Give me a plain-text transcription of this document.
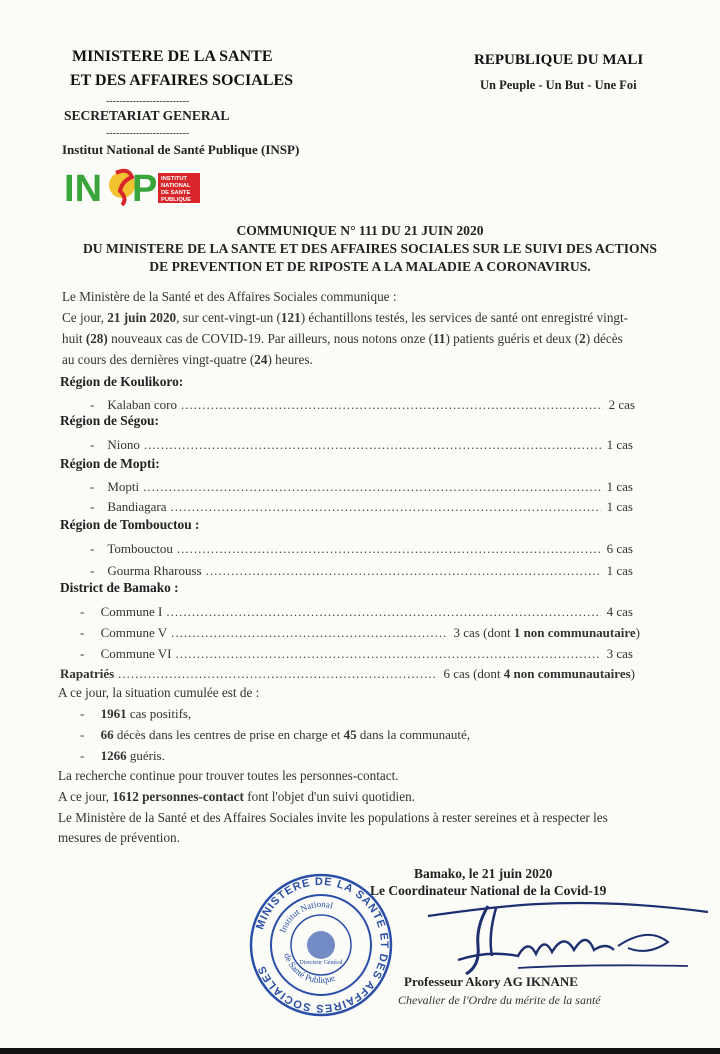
MINISTERE DE LA SANTE
ET DES AFFAIRES SOCIALES
-------------------------
SECRETARIAT GENERAL
-------------------------
Institut National de Santé Publique (INSP)
REPUBLIQUE DU MALI
Un Peuple - Un But - Une Foi
IN P INSTITUT
NATIONAL
DE SANTE
PUBLIQUE
COMMUNIQUE N° 111 DU 21 JUIN 2020
DU MINISTERE DE LA SANTE ET DES AFFAIRES SOCIALES SUR LE SUIVI DES ACTIONS
DE PREVENTION ET DE RIPOSTE A LA MALADIE A CORONAVIRUS.
Le Ministère de la Santé et des Affaires Sociales communique :
Ce jour, 21 juin 2020, sur cent-vingt-un (121) échantillons testés, les services de santé ont enregistré vingt-
huit (28) nouveaux cas de COVID-19. Par ailleurs, nous notons onze (11) patients guéris et deux (2) décès
au cours des dernières vingt-quatre (24) heures.
Région de Koulikoro:
-    Kalaban coro .....	2 cas
Région de Ségou:
-    Niono .....	1 cas
Région de Mopti:
-    Mopti .....	1 cas
-    Bandiagara .....	1 cas
Région de Tombouctou :
-    Tombouctou .....	6 cas
-    Gourma Rharouss .....	1 cas
District de Bamako :
-     Commune I .....	4 cas
-     Commune V .....	3 cas (dont 1 non communautaire)
-     Commune VI .....	3 cas
Rapatriés .....	6 cas (dont 4 non communautaires)
A ce jour, la situation cumulée est de :
-     1961 cas positifs,
-     66 décès dans les centres de prise en charge et 45 dans la communauté,
-     1266 guéris.
La recherche continue pour trouver toutes les personnes-contact.
A ce jour, 1612 personnes-contact font l'objet d'un suivi quotidien.
Le Ministère de la Santé et des Affaires Sociales invite les populations à rester sereines et à respecter les
mesures de prévention.
Bamako, le 21 juin 2020
Le Coordinateur National de la Covid-19
Professeur Akory AG IKNANE
Chevalier de l'Ordre du mérite de la santé
MINISTERE DE LA SANTE ET DES AFFAIRES SOCIALES
Institut National
de Santé Publique
Directeur Général
